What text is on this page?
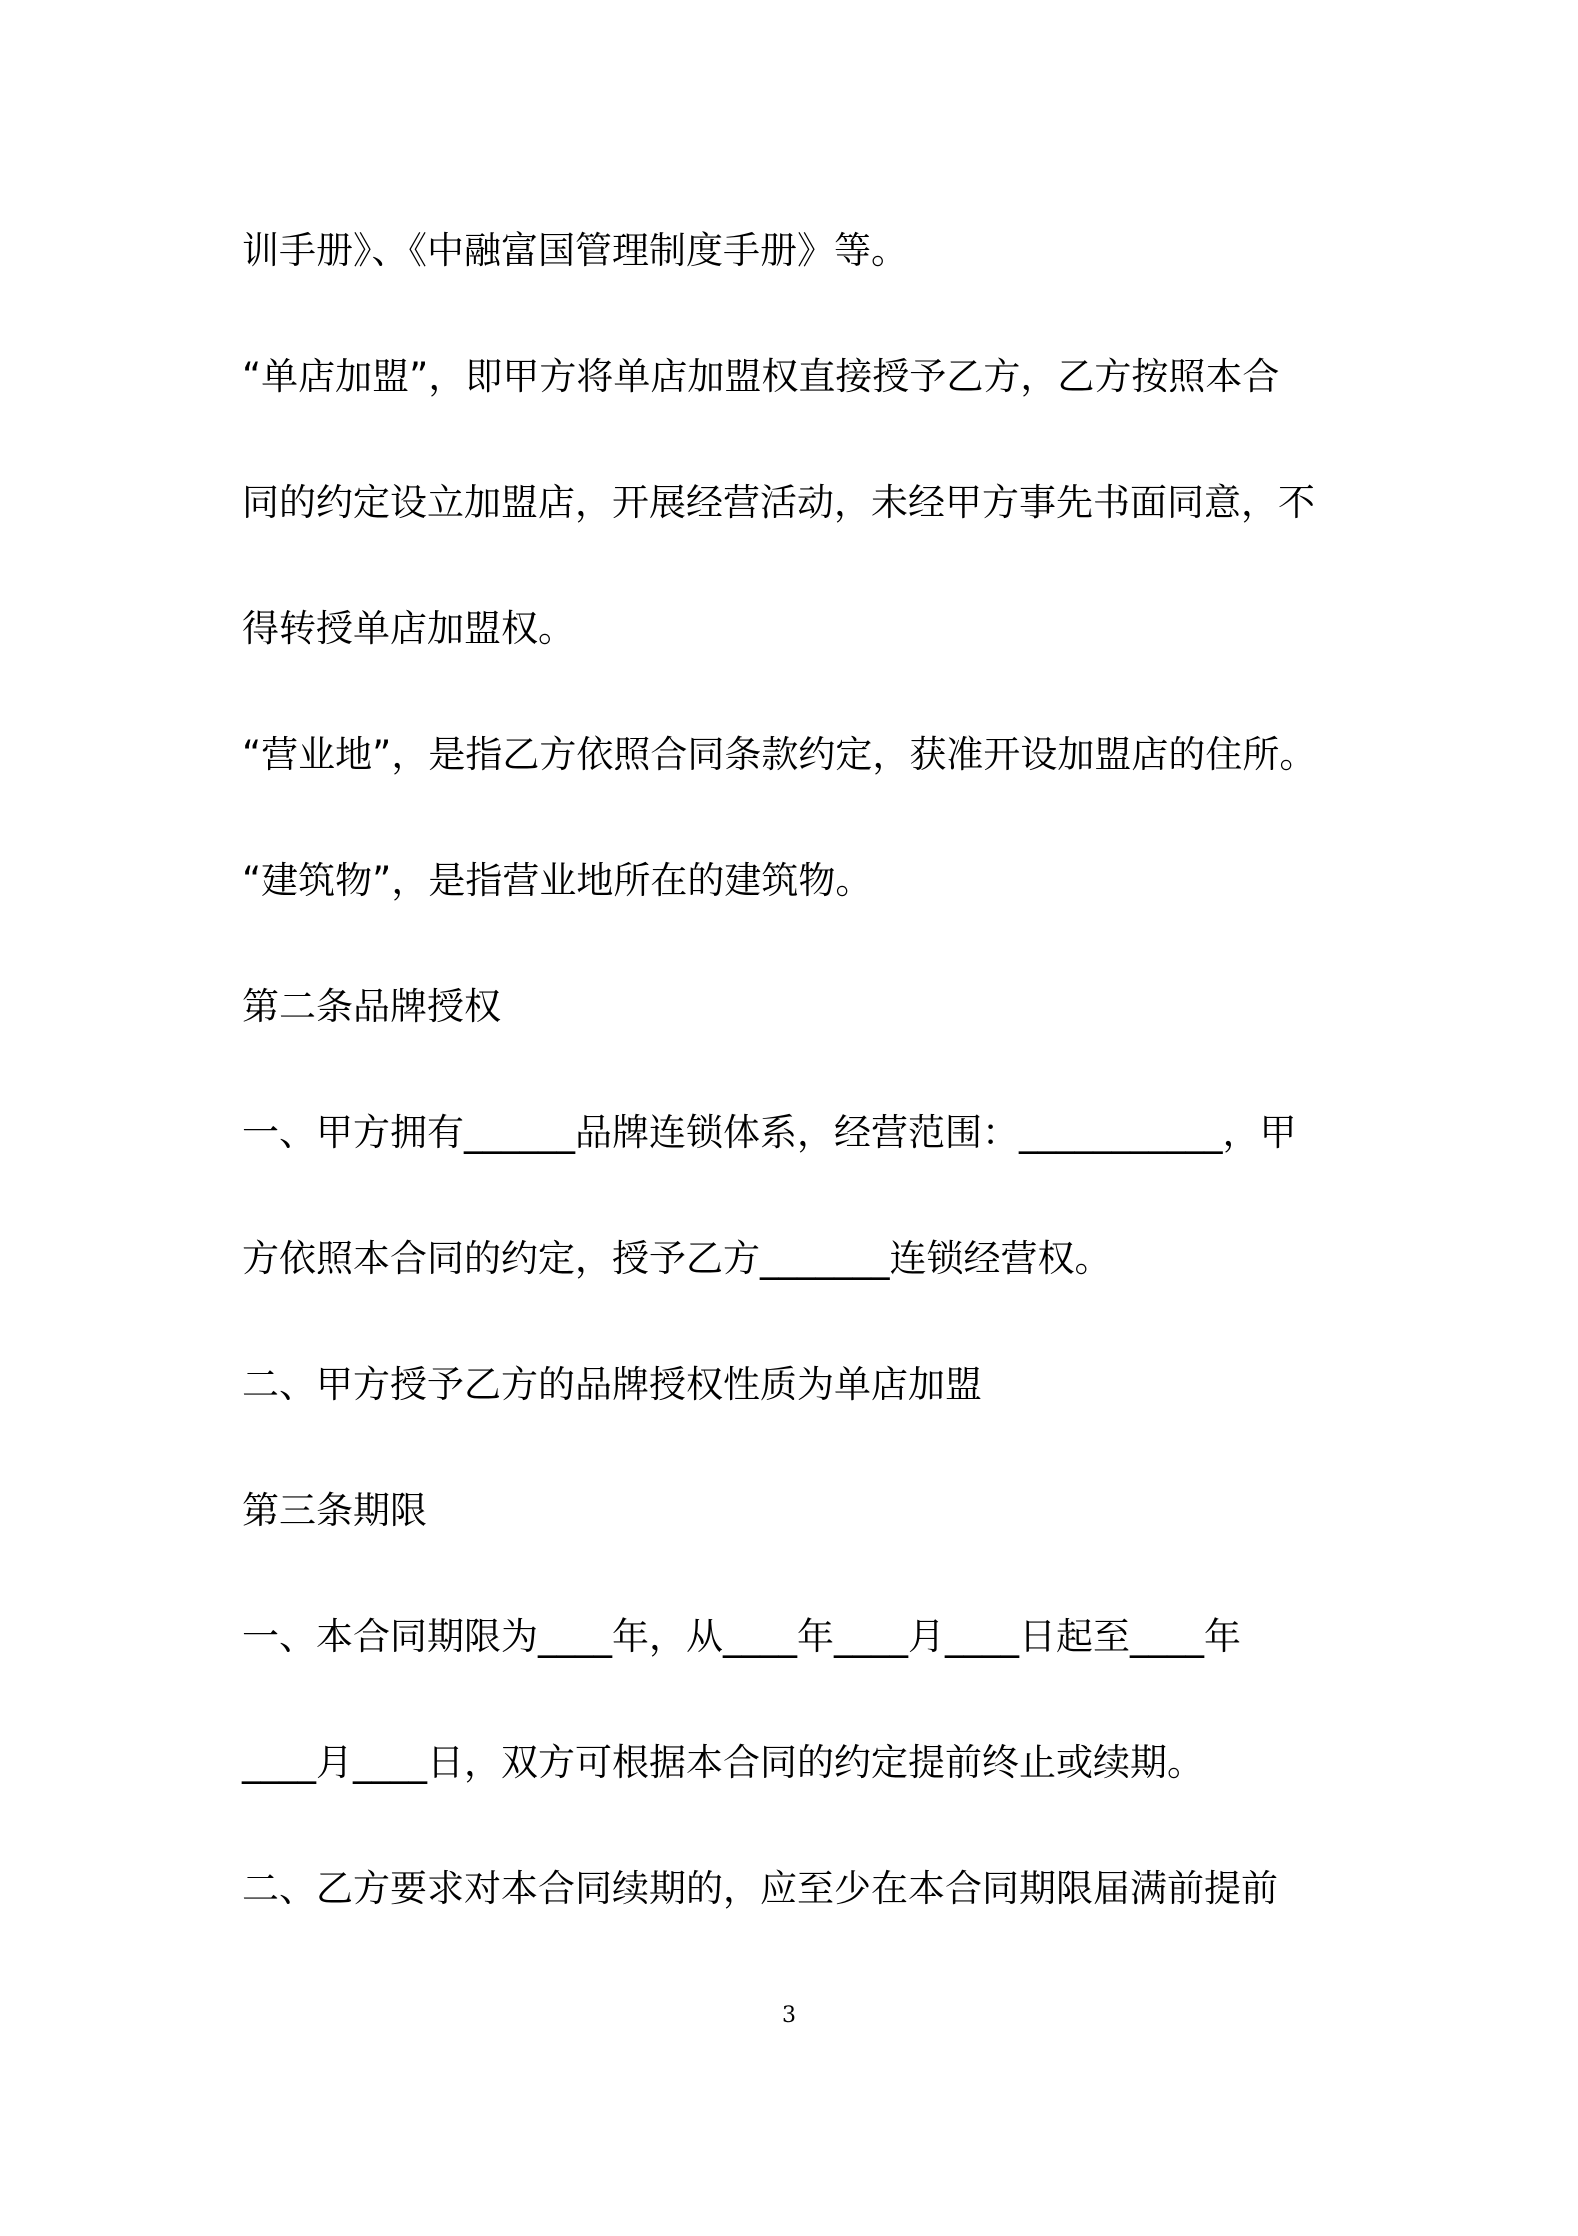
训手册》、《中融富国管理制度手册》等。
“单店加盟”，即甲方将单店加盟权直接授予乙方，乙方按照本合
同的约定设立加盟店，开展经营活动，未经甲方事先书面同意，不
得转授单店加盟权。
“营业地”，是指乙方依照合同条款约定，获准开设加盟店的住所。
“建筑物”，是指营业地所在的建筑物。
第二条品牌授权
一、甲方拥有______品牌连锁体系，经营范围：___________，甲
方依照本合同的约定，授予乙方_______连锁经营权。
二、甲方授予乙方的品牌授权性质为单店加盟
第三条期限
一、本合同期限为____年，从____年____月____日起至____年
____月____日，双方可根据本合同的约定提前终止或续期。
二、乙方要求对本合同续期的，应至少在本合同期限届满前提前
3
